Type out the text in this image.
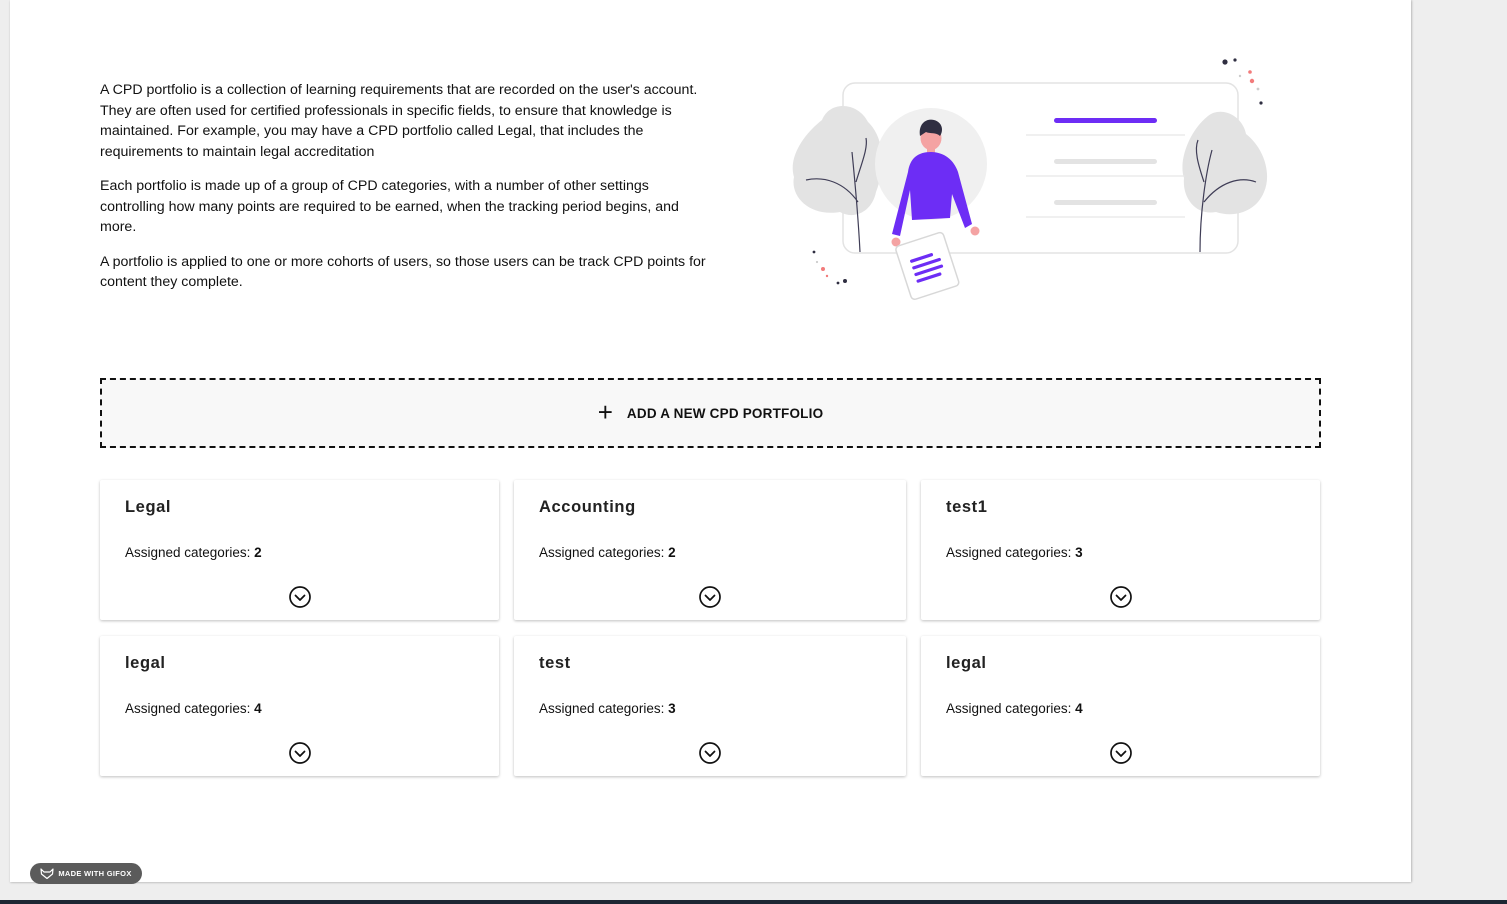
A CPD portfolio is a collection of learning requirements that are recorded on the user's account. They are often used for certified professionals in specific fields, to ensure that knowledge is maintained. For example, you may have a CPD portfolio called Legal, that includes the requirements to maintain legal accreditation

Each portfolio is made up of a group of CPD categories, with a number of other settings controlling how many points are required to be earned, when the tracking period begins, and more.

A portfolio is applied to one or more cohorts of users, so those users can be track CPD points for content they complete.

+ ADD A NEW CPD PORTFOLIO
Legal
Assigned categories: 2
Accounting
Assigned categories: 2
test1
Assigned categories: 3
legal
Assigned categories: 4
test
Assigned categories: 3
legal
Assigned categories: 4
MADE WITH GIFOX
